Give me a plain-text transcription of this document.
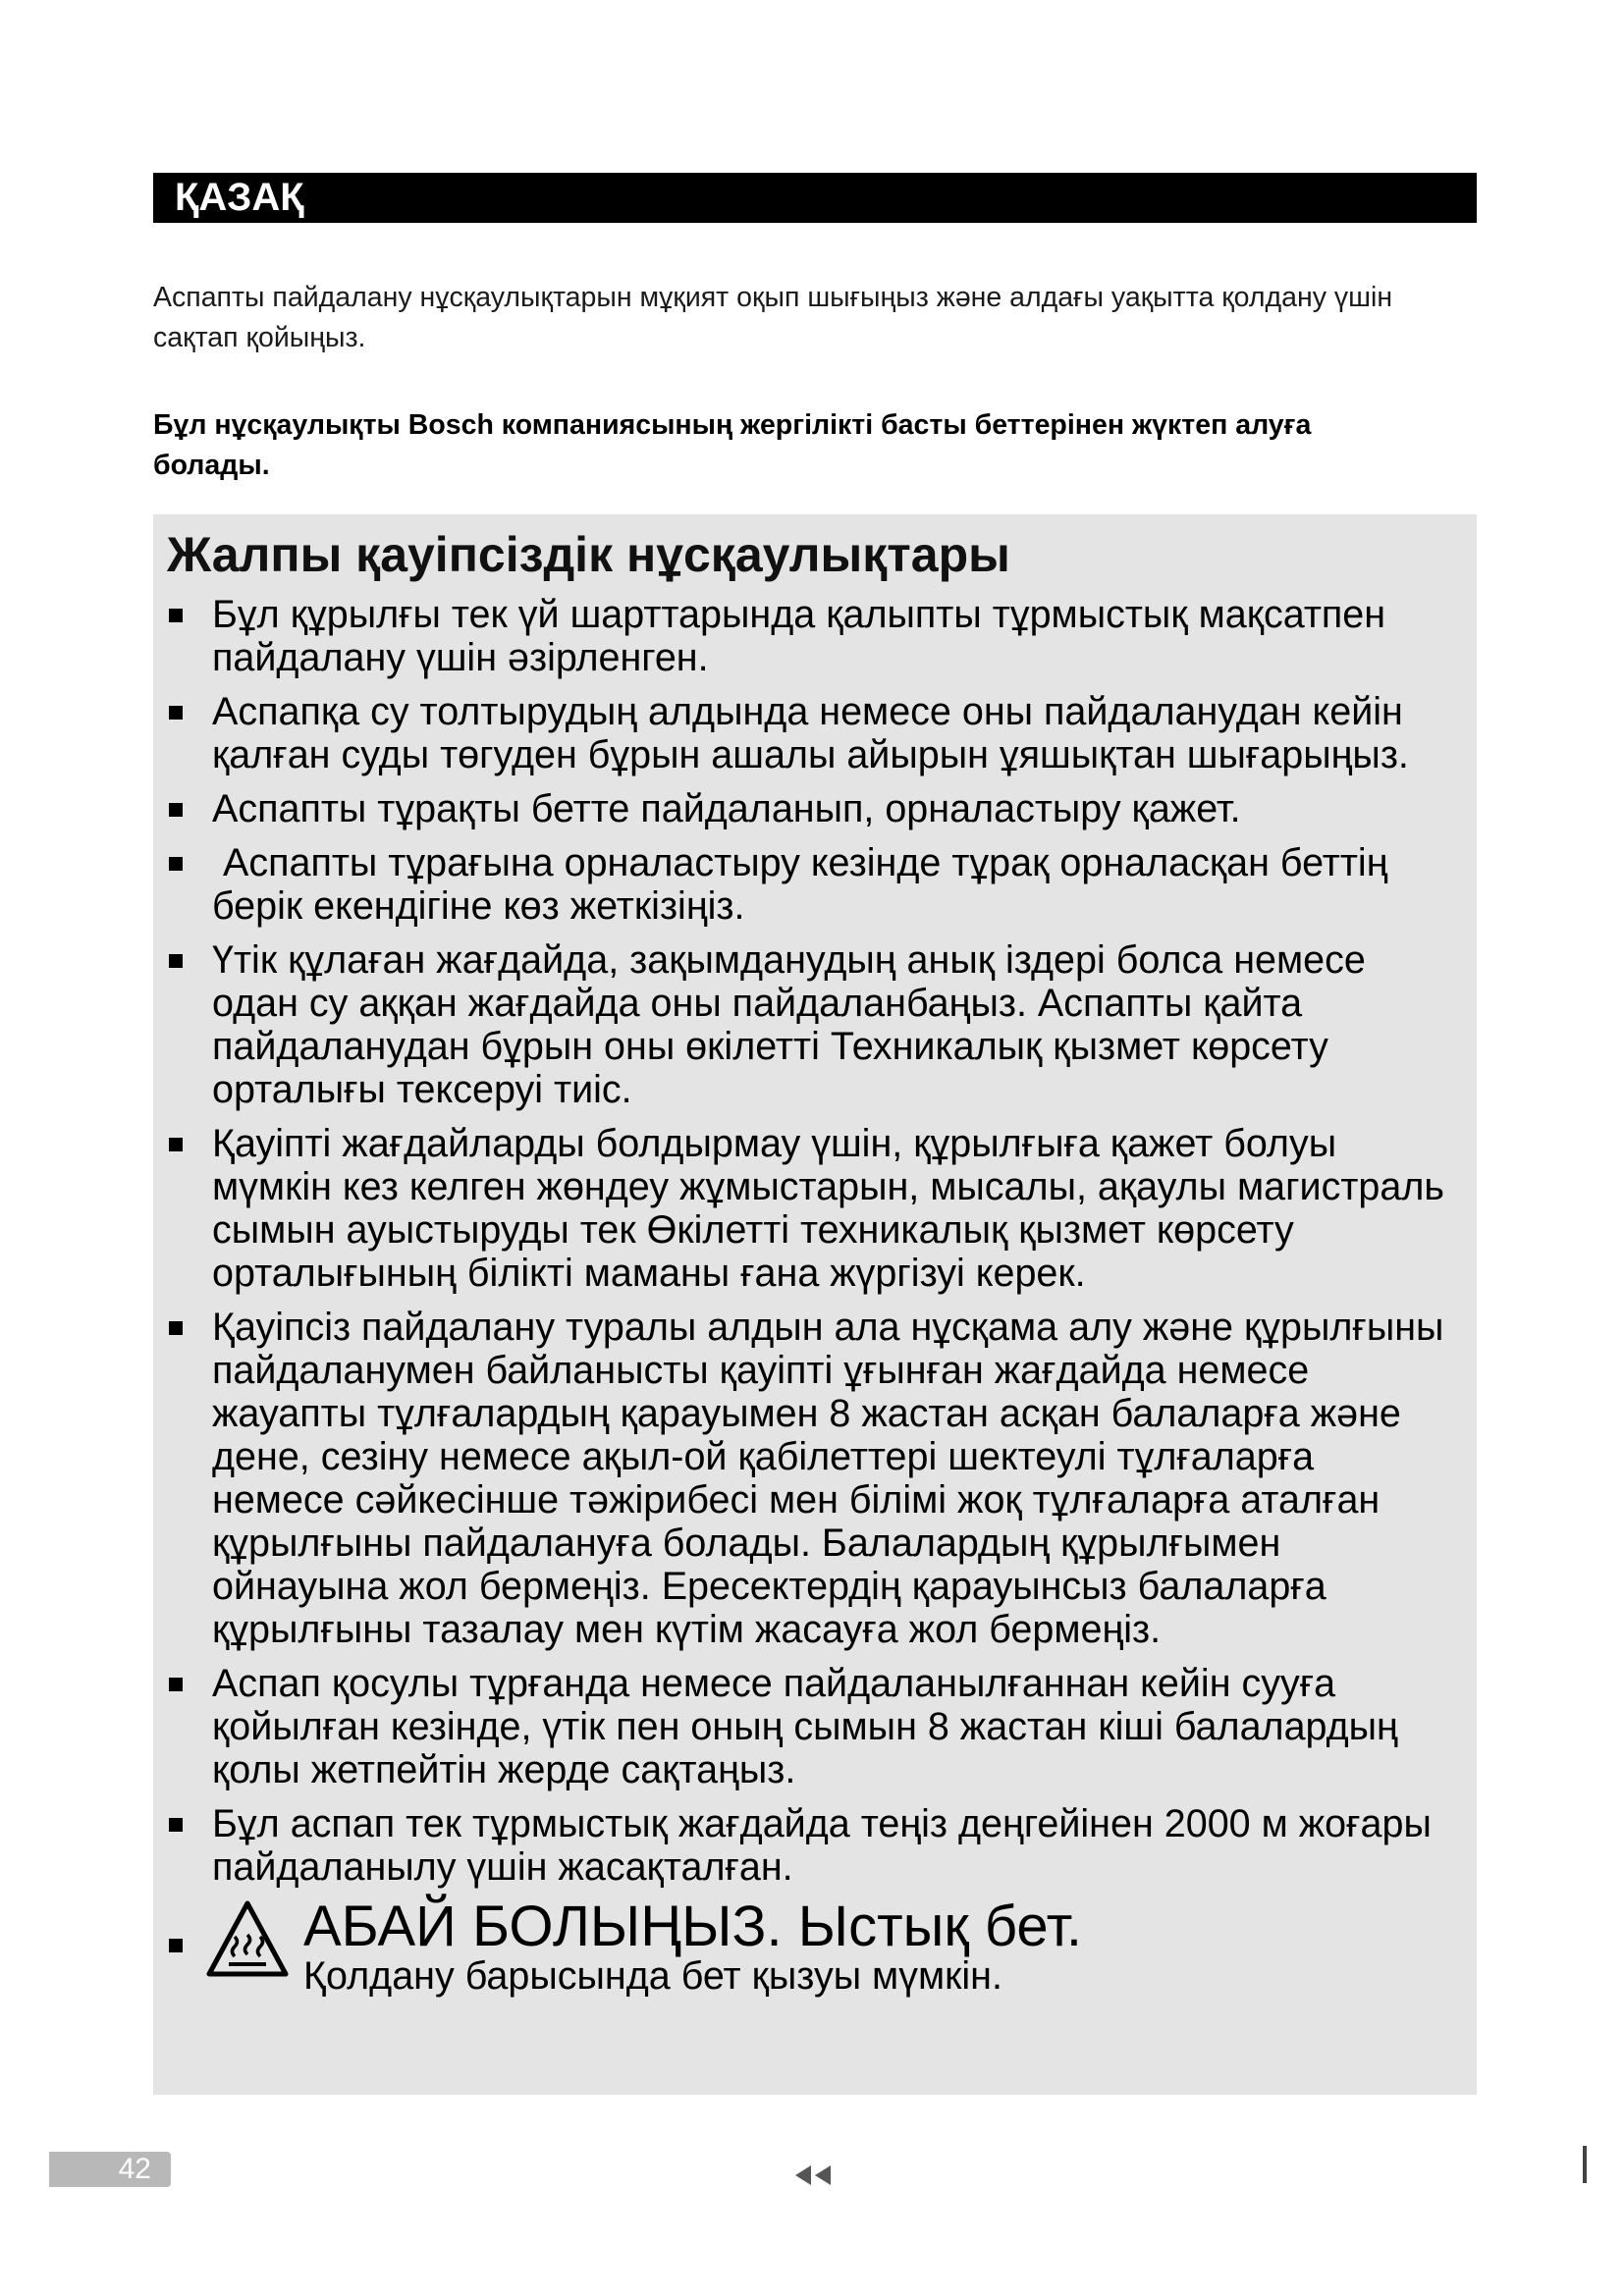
ҚАЗАҚ

Аспапты пайдалану нұсқаулықтарын мұқият оқып шығыңыз және алдағы уақытта қолдану үшін сақтап қойыңыз.

Бұл нұсқаулықты Bosch компаниясының жергілікті басты беттерінен жүктеп алуға болады.

Жалпы қауіпсіздік нұсқаулықтары
Бұл құрылғы тек үй шарттарында қалыпты тұрмыстық мақсатпен пайдалану үшін әзірленген.
Аспапқа су толтырудың алдында немесе оны пайдаланудан кейін қалған суды төгуден бұрын ашалы айырын ұяшықтан шығарыңыз.
Аспапты тұрақты бетте пайдаланып, орналастыру қажет.
Аспапты тұрағына орналастыру кезінде тұрақ орналасқан беттің берік екендігіне көз жеткізіңіз.
Үтік құлаған жағдайда, зақымданудың анық іздері болса немесе одан су аққан жағдайда оны пайдаланбаңыз. Аспапты қайта пайдаланудан бұрын оны өкілетті Техникалық қызмет көрсету орталығы тексеруі тиіс.
Қауіпті жағдайларды болдырмау үшін, құрылғыға қажет болуы мүмкін кез келген жөндеу жұмыстарын, мысалы, ақаулы магистраль сымын ауыстыруды тек Өкілетті техникалық қызмет көрсету орталығының білікті маманы ғана жүргізуі керек.
Қауіпсіз пайдалану туралы алдын ала нұсқама алу және құрылғыны пайдаланумен байланысты қауіпті ұғынған жағдайда немесе жауапты тұлғалардың қарауымен 8 жастан асқан балаларға және дене, сезіну немесе ақыл-ой қабілеттері шектеулі тұлғаларға немесе сәйкесінше тәжірибесі мен білімі жоқ тұлғаларға аталған құрылғыны пайдалануға болады. Балалардың құрылғымен ойнауына жол бермеңіз. Ересектердің қарауынсыз балаларға құрылғыны тазалау мен күтім жасауға жол бермеңіз.
Аспап қосулы тұрғанда немесе пайдаланылғаннан кейін сууға қойылған кезінде, үтік пен оның сымын 8 жастан кіші балалардың қолы жетпейтін жерде сақтаңыз.
Бұл аспап тек тұрмыстық жағдайда теңіз деңгейінен 2000 м жоғары пайдаланылу үшін жасақталған.
АБАЙ БОЛЫҢЫЗ. Ыстық бет.
Қолдану барысында бет қызуы мүмкін.
42
